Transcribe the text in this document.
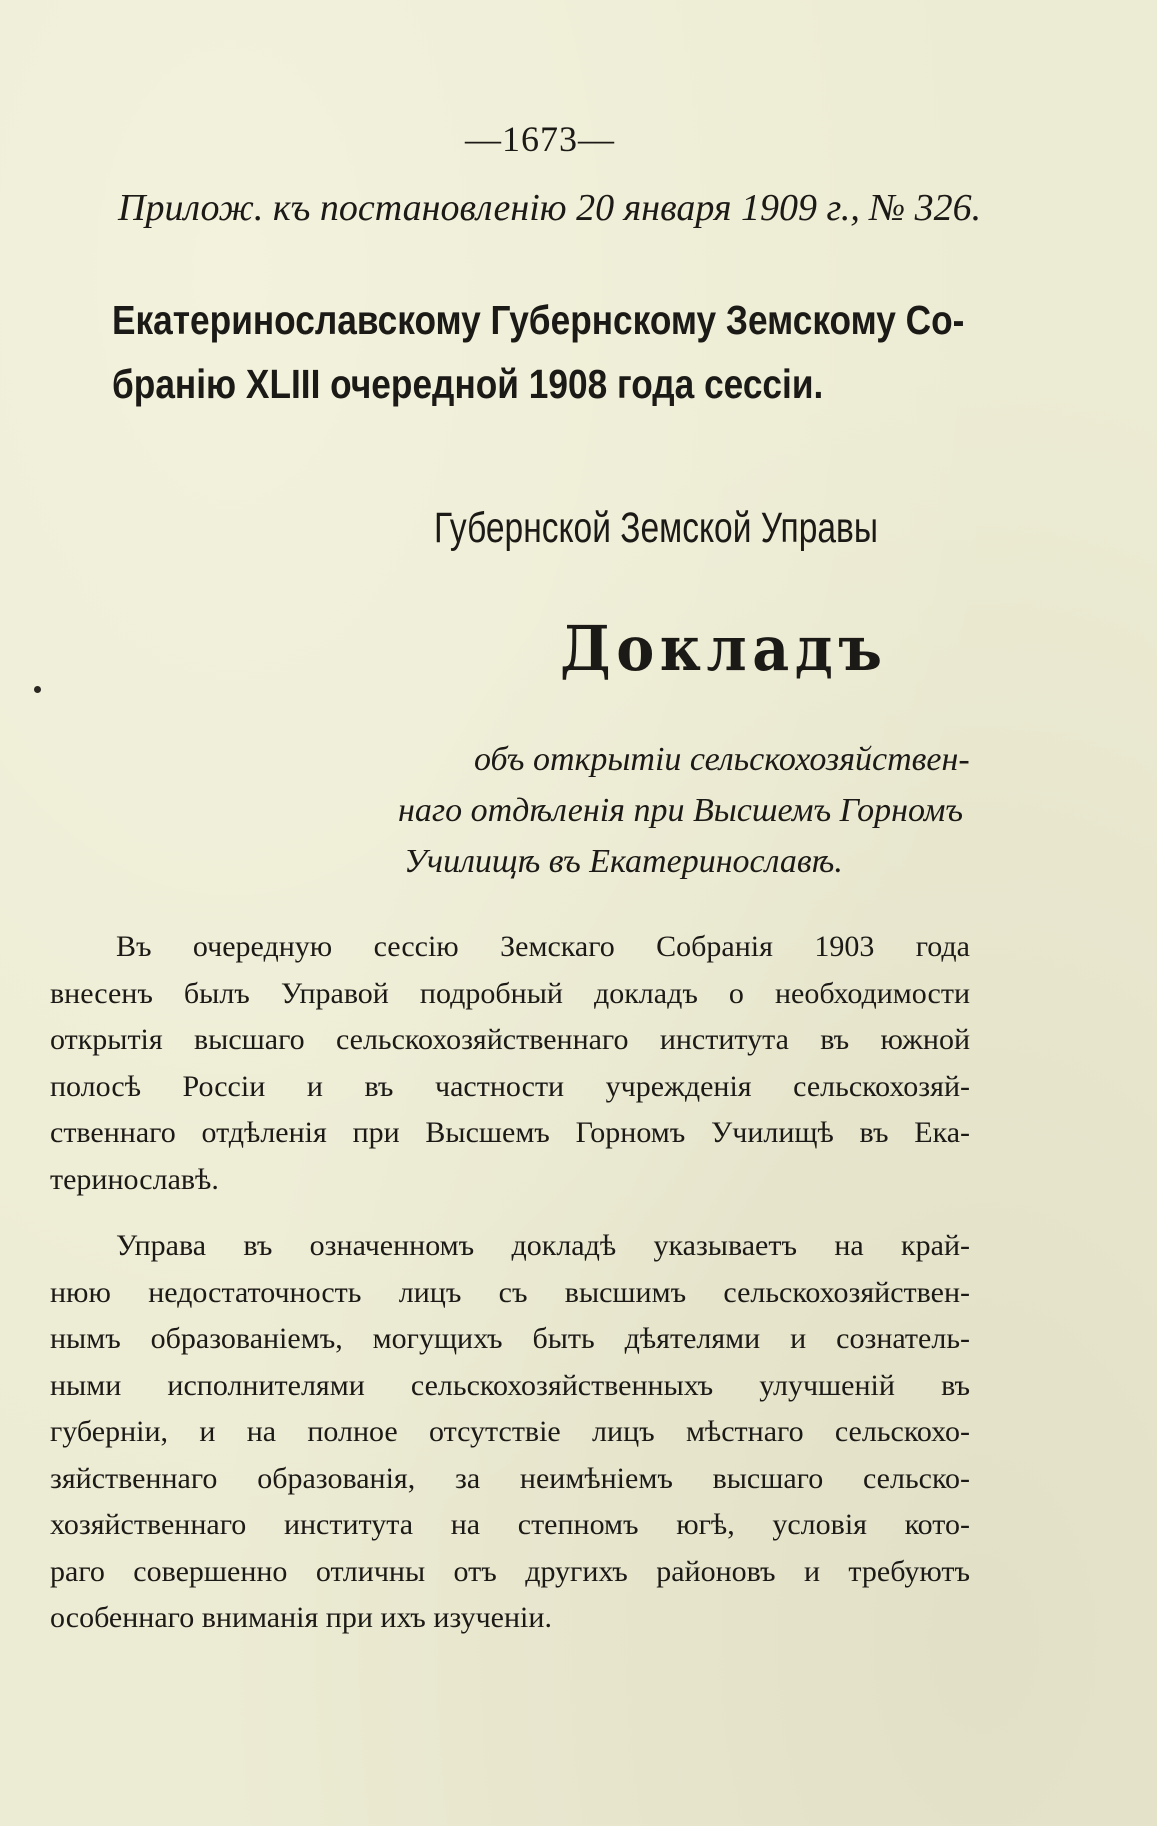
—1673—
Прилож. къ постановленію 20 января 1909 г., № 326.
Екатеринославскому Губернскому Земскому Со-
бранію XLIII очередной 1908 года сессіи.
Губернской Земской Управы
Докладъ
объ открытіи сельскохозяйствен-
наго отдѣленія при Высшемъ Горномъ
Училищѣ въ Екатеринославѣ.
Въ очередную сессію Земскаго Собранія 1903 года
внесенъ былъ Управой подробный докладъ о необходимости
открытія высшаго сельскохозяйственнаго института въ южной
полосѣ Россіи и въ частности учрежденія сельскохозяй-
ственнаго отдѣленія при Высшемъ Горномъ Училищѣ въ Ека-
теринославѣ.
Управа въ означенномъ докладѣ указываетъ на край-
нюю недостаточность лицъ съ высшимъ сельскохозяйствен-
нымъ образованіемъ, могущихъ быть дѣятелями и сознатель-
ными исполнителями сельскохозяйственныхъ улучшеній въ
губерніи, и на полное отсутствіе лицъ мѣстнаго сельскохо-
зяйственнаго образованія, за неимѣніемъ высшаго сельско-
хозяйственнаго института на степномъ югѣ, условія кото-
раго совершенно отличны отъ другихъ районовъ и требуютъ
особеннаго вниманія при ихъ изученіи.
